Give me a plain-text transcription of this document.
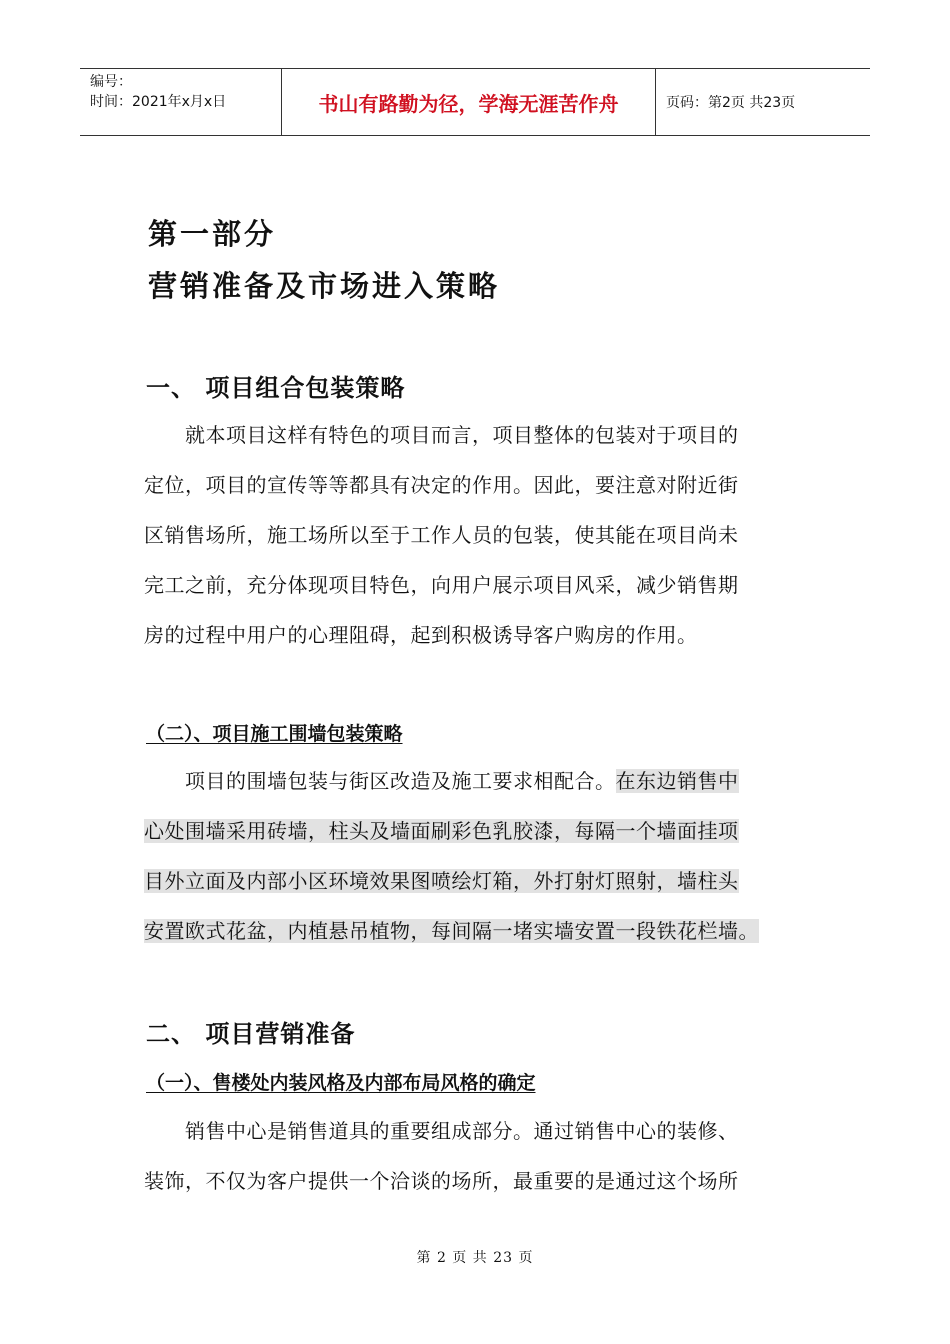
编号：
时间：2021年x月x日	书山有路勤为径，学海无涯苦作舟	页码：第2页 共23页
第一部分
营销准备及市场进入策略
一、 项目组合包装策略

　　就本项目这样有特色的项目而言，项目整体的包装对于项目的
定位，项目的宣传等等都具有决定的作用。因此，要注意对附近街
区销售场所，施工场所以至于工作人员的包装，使其能在项目尚未
完工之前，充分体现项目特色，向用户展示项目风采，减少销售期
房的过程中用户的心理阻碍，起到积极诱导客户购房的作用。

（二）、项目施工围墙包装策略

　　项目的围墙包装与街区改造及施工要求相配合。在东边销售中
心处围墙采用砖墙，柱头及墙面刷彩色乳胶漆，每隔一个墙面挂项
目外立面及内部小区环境效果图喷绘灯箱，外打射灯照射，墙柱头
安置欧式花盆，内植悬吊植物，每间隔一堵实墙安置一段铁花栏墙。

二、 项目营销准备
（一）、售楼处内装风格及内部布局风格的确定

　　销售中心是销售道具的重要组成部分。通过销售中心的装修、
装饰，不仅为客户提供一个洽谈的场所，最重要的是通过这个场所

第 2 页 共 23 页
